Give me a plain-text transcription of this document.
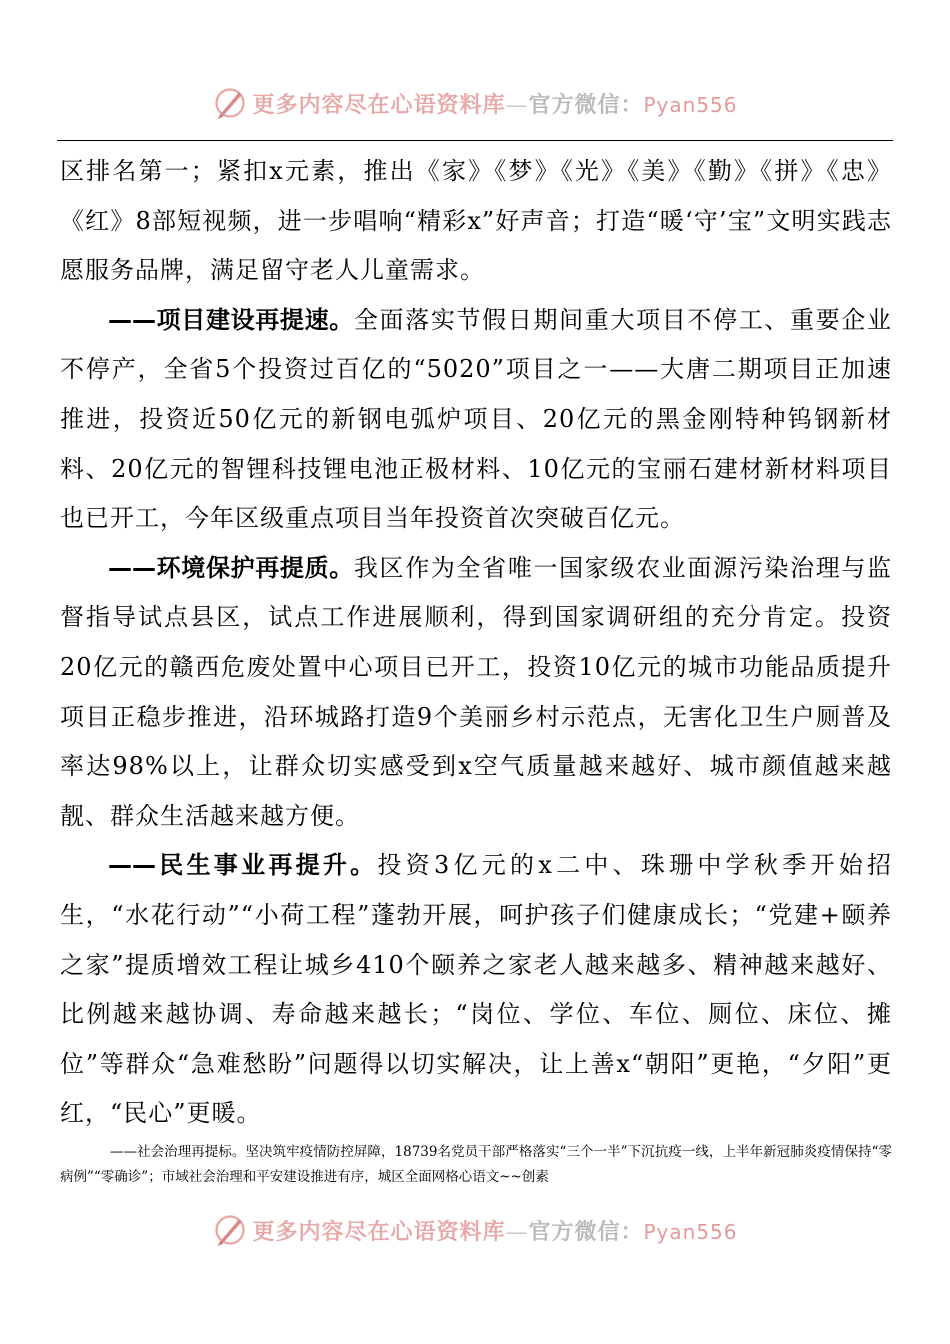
更多内容尽在心语资料库—官方微信：Pyan556

区排名第一；紧扣x元素，推出《家》《梦》《光》《美》《勤》《拼》《忠》《红》8部短视频，进一步唱响“精彩x”好声音；打造“暖‘守’宝”文明实践志愿服务品牌，满足留守老人儿童需求。

——项目建设再提速。全面落实节假日期间重大项目不停工、重要企业不停产，全省5个投资过百亿的“5020”项目之一——大唐二期项目正加速推进，投资近50亿元的新钢电弧炉项目、20亿元的黑金刚特种钨钢新材料、20亿元的智锂科技锂电池正极材料、10亿元的宝丽石建材新材料项目也已开工，今年区级重点项目当年投资首次突破百亿元。

——环境保护再提质。我区作为全省唯一国家级农业面源污染治理与监督指导试点县区，试点工作进展顺利，得到国家调研组的充分肯定。投资20亿元的赣西危废处置中心项目已开工，投资10亿元的城市功能品质提升项目正稳步推进，沿环城路打造9个美丽乡村示范点，无害化卫生户厕普及率达98%以上，让群众切实感受到x空气质量越来越好、城市颜值越来越靓、群众生活越来越方便。

——民生事业再提升。投资3亿元的x二中、珠珊中学秋季开始招生，“水花行动”“小荷工程”蓬勃开展，呵护孩子们健康成长；“党建+颐养之家”提质增效工程让城乡410个颐养之家老人越来越多、精神越来越好、比例越来越协调、寿命越来越长；“岗位、学位、车位、厕位、床位、摊位”等群众“急难愁盼”问题得以切实解决，让上善x“朝阳”更艳，“夕阳”更红，“民心”更暖。

——社会治理再提标。坚决筑牢疫情防控屏障，18739名党员干部严格落实“三个一半”下沉抗疫一线，上半年新冠肺炎疫情保持“零病例”“零确诊”；市域社会治理和平安建设推进有序，城区全面网格心语文~~创素

更多内容尽在心语资料库—官方微信：Pyan556
